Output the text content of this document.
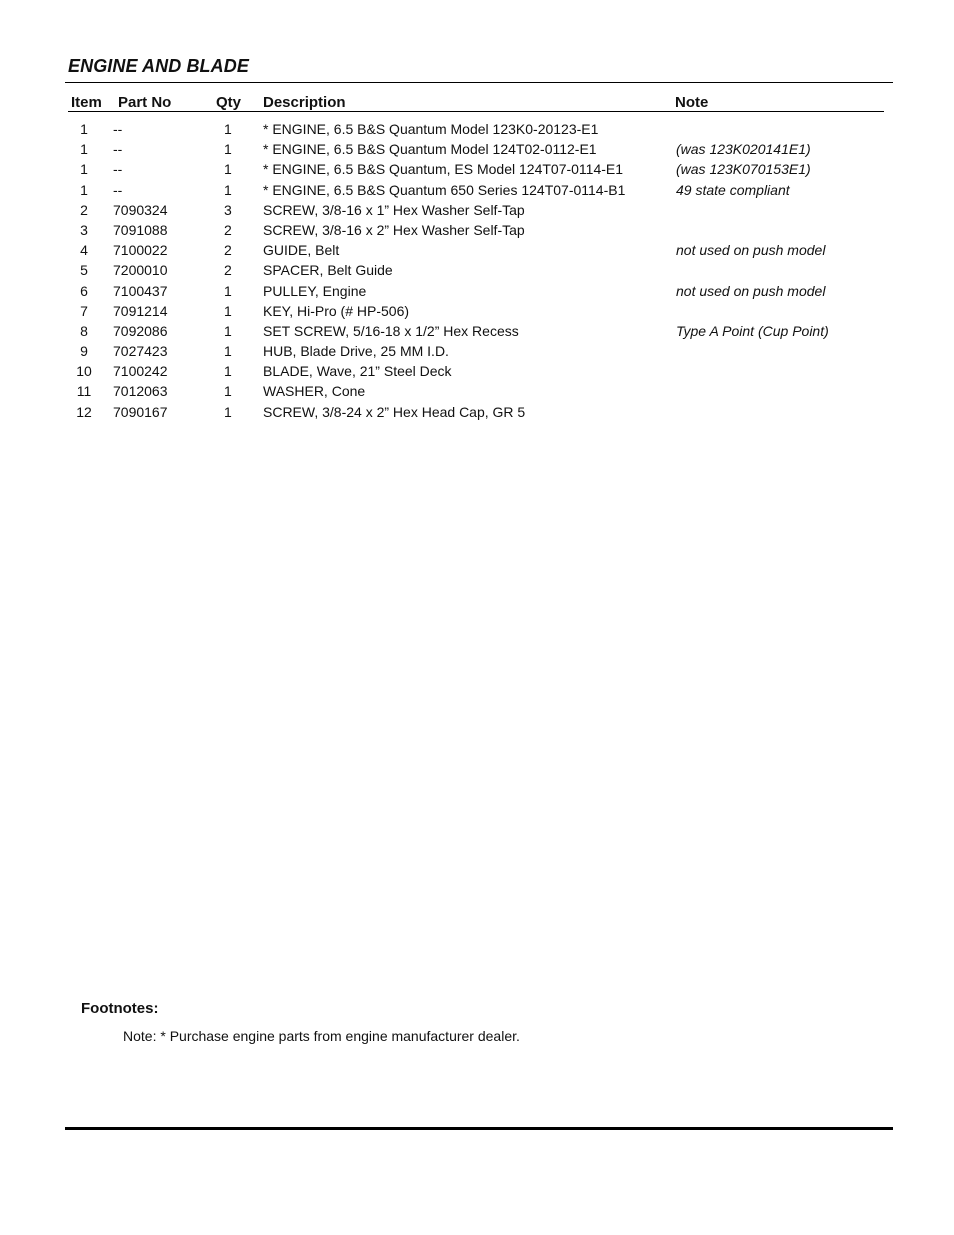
ENGINE AND BLADE
Item Part No	Qty Description	Note
1	--	1 * ENGINE, 6.5 B&S Quantum Model 123K0-20123-E1
1	--	1 * ENGINE, 6.5 B&S Quantum Model 124T02-0112-E1	(was 123K020141E1)
1	--	1 * ENGINE, 6.5 B&S Quantum, ES Model 124T07-0114-E1	(was 123K070153E1)
1	--	1 * ENGINE, 6.5 B&S Quantum 650 Series 124T07-0114-B1	49 state compliant
2	7090324	3 SCREW, 3/8-16 x 1” Hex Washer Self-Tap
3	7091088	2 SCREW, 3/8-16 x 2” Hex Washer Self-Tap
4	7100022	2 GUIDE, Belt	not used on push model
5	7200010	2 SPACER, Belt Guide
6	7100437	1 PULLEY, Engine	not used on push model
7	7091214	1 KEY, Hi-Pro (# HP-506)
8	7092086	1 SET SCREW, 5/16-18 x 1/2” Hex Recess	Type A Point (Cup Point)
9	7027423	1 HUB, Blade Drive, 25 MM I.D.
10	7100242	1 BLADE, Wave, 21” Steel Deck
11	7012063	1 WASHER, Cone
12	7090167	1 SCREW, 3/8-24 x 2” Hex Head Cap, GR 5
Footnotes:
Note: * Purchase engine parts from engine manufacturer dealer.
